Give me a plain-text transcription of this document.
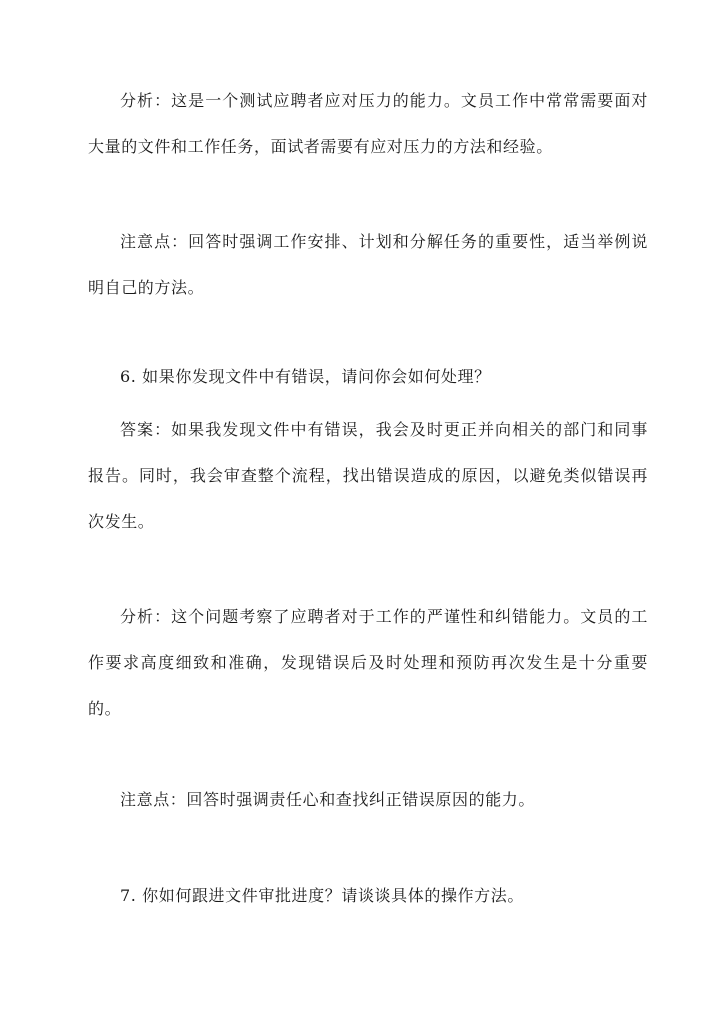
分析：这是一个测试应聘者应对压力的能力。文员工作中常常需要面对大量的文件和工作任务，面试者需要有应对压力的方法和经验。

注意点：回答时强调工作安排、计划和分解任务的重要性，适当举例说明自己的方法。

6. 如果你发现文件中有错误，请问你会如何处理？

答案：如果我发现文件中有错误，我会及时更正并向相关的部门和同事报告。同时，我会审查整个流程，找出错误造成的原因，以避免类似错误再次发生。

分析：这个问题考察了应聘者对于工作的严谨性和纠错能力。文员的工作要求高度细致和准确，发现错误后及时处理和预防再次发生是十分重要的。

注意点：回答时强调责任心和查找纠正错误原因的能力。

7. 你如何跟进文件审批进度？请谈谈具体的操作方法。
